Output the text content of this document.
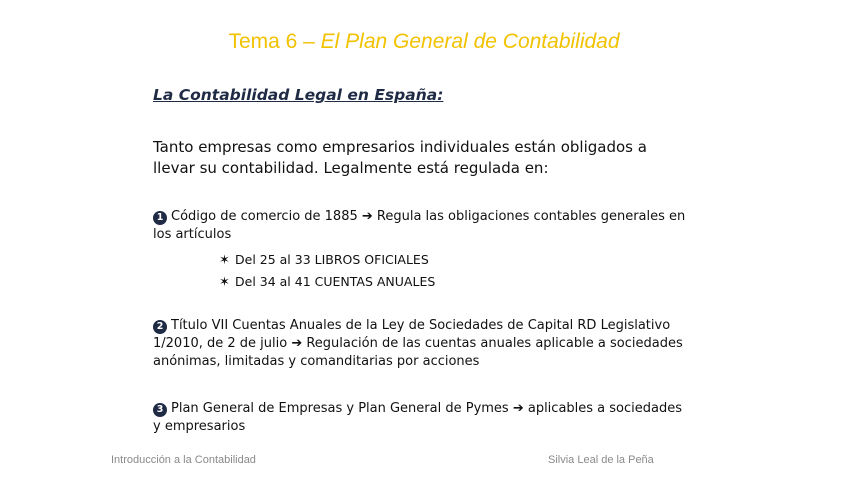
Tema 6 – El Plan General de Contabilidad
La Contabilidad Legal en España:
Tanto empresas como empresarios individuales están obligados a llevar su contabilidad. Legalmente está regulada en:
1 Código de comercio de 1885 ➔ Regula las obligaciones contables generales en los artículos
✶ Del 25 al 33 LIBROS OFICIALES
✶ Del 34 al 41 CUENTAS ANUALES
2 Título VII Cuentas Anuales de la Ley de Sociedades de Capital RD Legislativo 1/2010, de 2 de julio ➔ Regulación de las cuentas anuales aplicable a sociedades anónimas, limitadas y comanditarias por acciones
3 Plan General de Empresas y Plan General de Pymes ➔ aplicables a sociedades y empresarios
Introducción a la Contabilidad	Silvia Leal de la Peña
